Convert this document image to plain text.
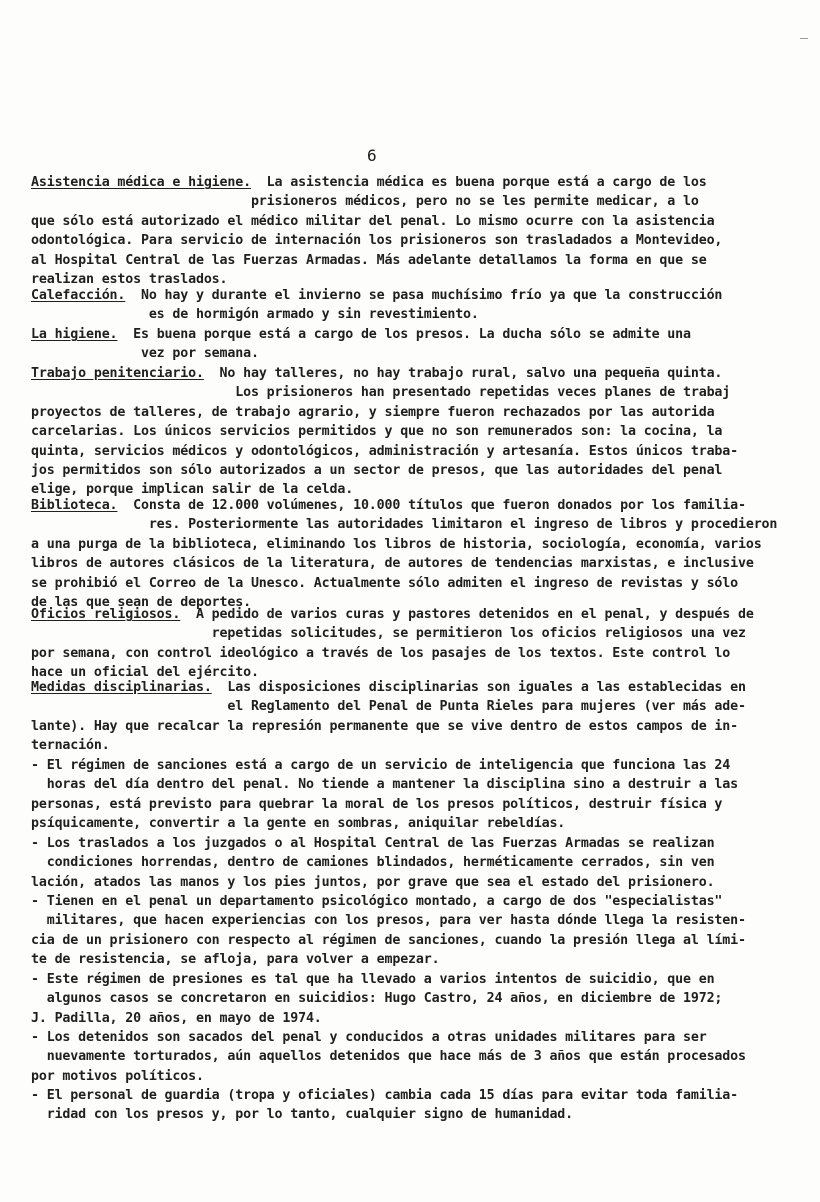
6
Asistencia médica e higiene.  La asistencia médica es buena porque está a cargo de los
prisioneros médicos, pero no se les permite medicar, a lo
que sólo está autorizado el médico militar del penal. Lo mismo ocurre con la asistencia
odontológica. Para servicio de internación los prisioneros son trasladados a Montevideo,
al Hospital Central de las Fuerzas Armadas. Más adelante detallamos la forma en que se
realizan estos traslados.
Calefacción.  No hay y durante el invierno se pasa muchísimo frío ya que la construcción
es de hormigón armado y sin revestimiento.
La higiene.  Es buena porque está a cargo de los presos. La ducha sólo se admite una
vez por semana.
Trabajo penitenciario.  No hay talleres, no hay trabajo rural, salvo una pequeña quinta.
Los prisioneros han presentado repetidas veces planes de trabaj
proyectos de talleres, de trabajo agrario, y siempre fueron rechazados por las autorida
carcelarias. Los únicos servicios permitidos y que no son remunerados son: la cocina, la
quinta, servicios médicos y odontológicos, administración y artesanía. Estos únicos traba-
jos permitidos son sólo autorizados a un sector de presos, que las autoridades del penal
elige, porque implican salir de la celda.
Biblioteca.  Consta de 12.000 volúmenes, 10.000 títulos que fueron donados por los familia-
res. Posteriormente las autoridades limitaron el ingreso de libros y procedieron
a una purga de la biblioteca, eliminando los libros de historia, sociología, economía, varios
libros de autores clásicos de la literatura, de autores de tendencias marxistas, e inclusive
se prohibió el Correo de la Unesco. Actualmente sólo admiten el ingreso de revistas y sólo
de las que sean de deportes.
Oficios religiosos.  A pedido de varios curas y pastores detenidos en el penal, y después de
repetidas solicitudes, se permitieron los oficios religiosos una vez
por semana, con control ideológico a través de los pasajes de los textos. Este control lo
hace un oficial del ejército.
Medidas disciplinarias.  Las disposiciones disciplinarias son iguales a las establecidas en
el Reglamento del Penal de Punta Rieles para mujeres (ver más ade-
lante). Hay que recalcar la represión permanente que se vive dentro de estos campos de in-
ternación.
- El régimen de sanciones está a cargo de un servicio de inteligencia que funciona las 24
horas del día dentro del penal. No tiende a mantener la disciplina sino a destruir a las
personas, está previsto para quebrar la moral de los presos políticos, destruir física y
psíquicamente, convertir a la gente en sombras, aniquilar rebeldías.
- Los traslados a los juzgados o al Hospital Central de las Fuerzas Armadas se realizan
condiciones horrendas, dentro de camiones blindados, herméticamente cerrados, sin ven
lación, atados las manos y los pies juntos, por grave que sea el estado del prisionero.
- Tienen en el penal un departamento psicológico montado, a cargo de dos "especialistas"
militares, que hacen experiencias con los presos, para ver hasta dónde llega la resisten-
cia de un prisionero con respecto al régimen de sanciones, cuando la presión llega al lími-
te de resistencia, se afloja, para volver a empezar.
- Este régimen de presiones es tal que ha llevado a varios intentos de suicidio, que en
algunos casos se concretaron en suicidios: Hugo Castro, 24 años, en diciembre de 1972;
J. Padilla, 20 años, en mayo de 1974.
- Los detenidos son sacados del penal y conducidos a otras unidades militares para ser
nuevamente torturados, aún aquellos detenidos que hace más de 3 años que están procesados
por motivos políticos.
- El personal de guardia (tropa y oficiales) cambia cada 15 días para evitar toda familia-
ridad con los presos y, por lo tanto, cualquier signo de humanidad.
